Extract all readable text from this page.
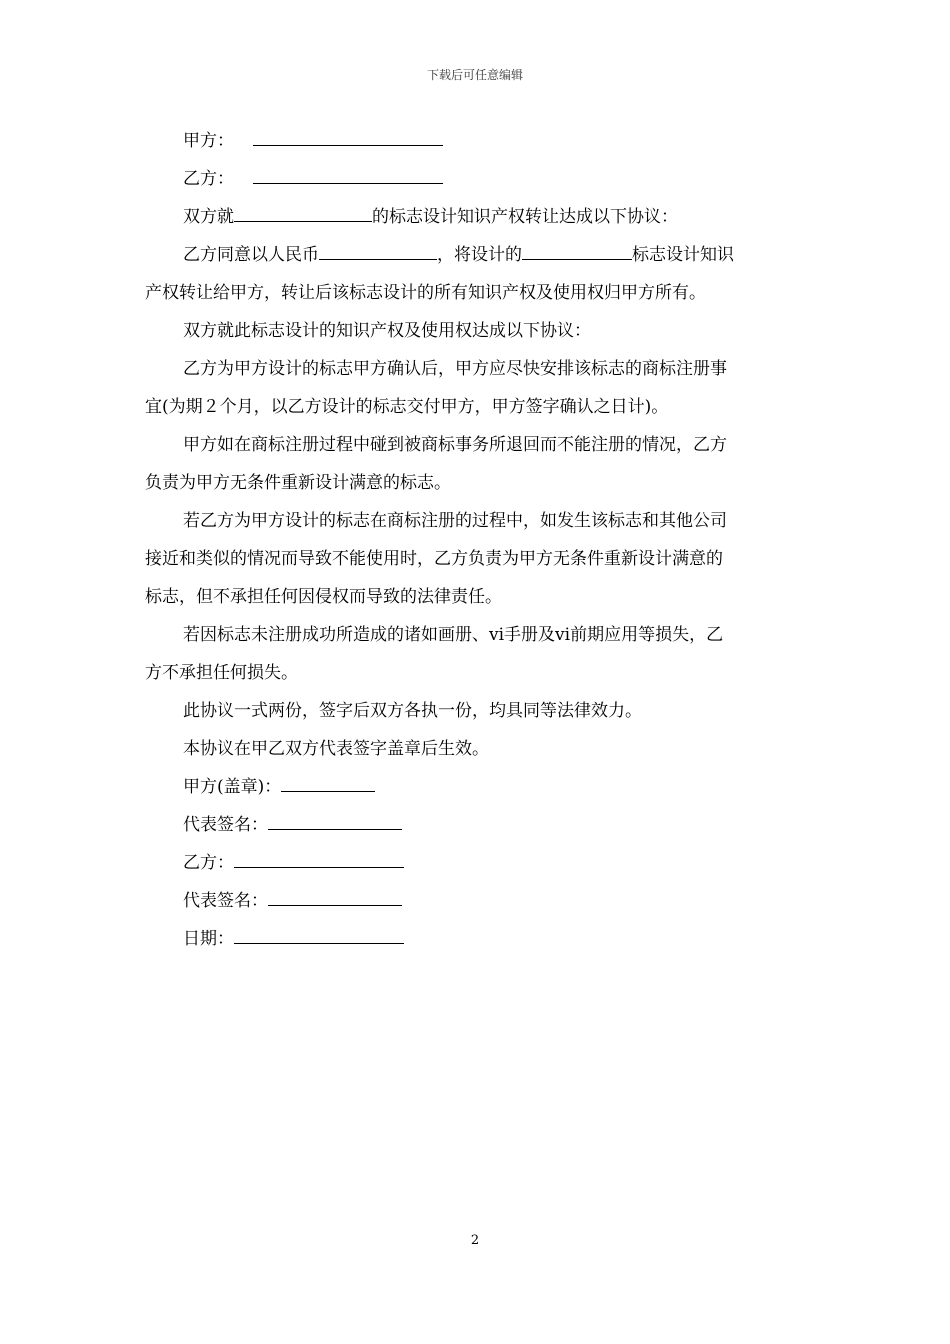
下载后可任意编辑

甲方：

乙方：

双方就	的标志设计知识产权转让达成以下协议：

乙方同意以人民币	，将设计的	标志设计知识

产权转让给甲方，转让后该标志设计的所有知识产权及使用权归甲方所有。

双方就此标志设计的知识产权及使用权达成以下协议：

乙方为甲方设计的标志甲方确认后，甲方应尽快安排该标志的商标注册事

宜(为期２个月，以乙方设计的标志交付甲方，甲方签字确认之日计)。

甲方如在商标注册过程中碰到被商标事务所退回而不能注册的情况，乙方

负责为甲方无条件重新设计满意的标志。

若乙方为甲方设计的标志在商标注册的过程中，如发生该标志和其他公司

接近和类似的情况而导致不能使用时，乙方负责为甲方无条件重新设计满意的

标志，但不承担任何因侵权而导致的法律责任。

若因标志未注册成功所造成的诸如画册、vi手册及vi前期应用等损失，乙

方不承担任何损失。

此协议一式两份，签字后双方各执一份，均具同等法律效力。

本协议在甲乙双方代表签字盖章后生效。

甲方(盖章)：

代表签名：

乙方：

代表签名：

日期：

2
